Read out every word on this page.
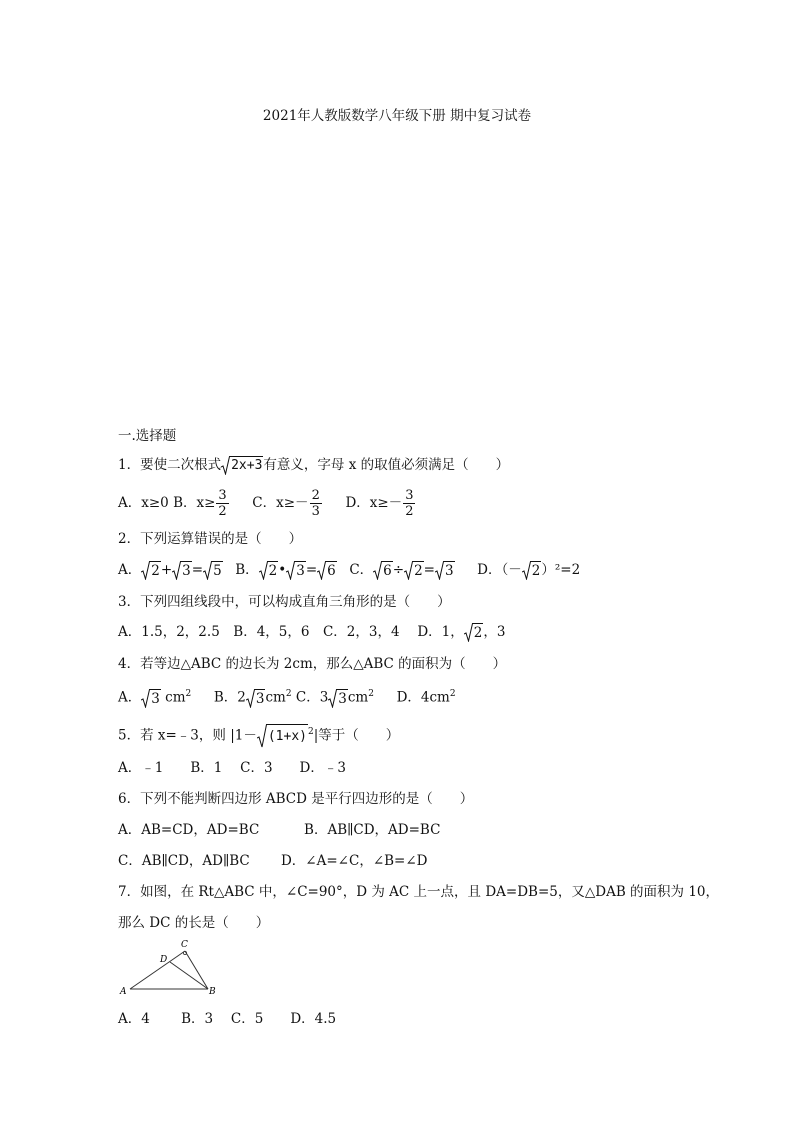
2021年人教版数学八年级下册 期中复习试卷
一.选择题
1．要使二次根式 2x+3 有意义，字母 x 的取值必须满足（　　）
A．x≥0 B．$x\ge \frac{3}{2}$ C．$x\ge- \frac{2}{3}$ D．$x\ge- \frac{3}{2}$
2．下列运算错误的是（　　）
A． 2 + 3 = 5 B． 2 • 3 = 6 C． 6 ÷ 2 = 3 D．（－ 2 ）²=2
3．下列四组线段中，可以构成直角三角形的是（　　）
A．1.5，2，2.5　B．4，5，6　C．2，3，4　 D．1， 2 ，3
4．若等边△ABC 的边长为 2cm，那么△ABC 的面积为（　　）
A． 3 $cm^2$ B．2 3 $cm^2$ C．3 3 $cm^2$ D．$4cm^2$
5．若 x=﹣3，则 |1－ (1+x) $^2$|等于（　　）
A．﹣1　　B．1　 C．3　　D．﹣3
6．下列不能判断四边形 ABCD 是平行四边形的是（　　）
A．AB=CD，AD=BC　　　 B．AB∥CD，AD=BC
C．AB∥CD，AD∥BC　　 D．∠A=∠C，∠B=∠D
7．如图，在 Rt△ABC 中，∠C=90°，D 为 AC 上一点，且 DA=DB=5，又△DAB 的面积为 10，
那么 DC 的长是（　　）
A	B
C
D
A．4　　 B．3　 C．5　　D．4.5
